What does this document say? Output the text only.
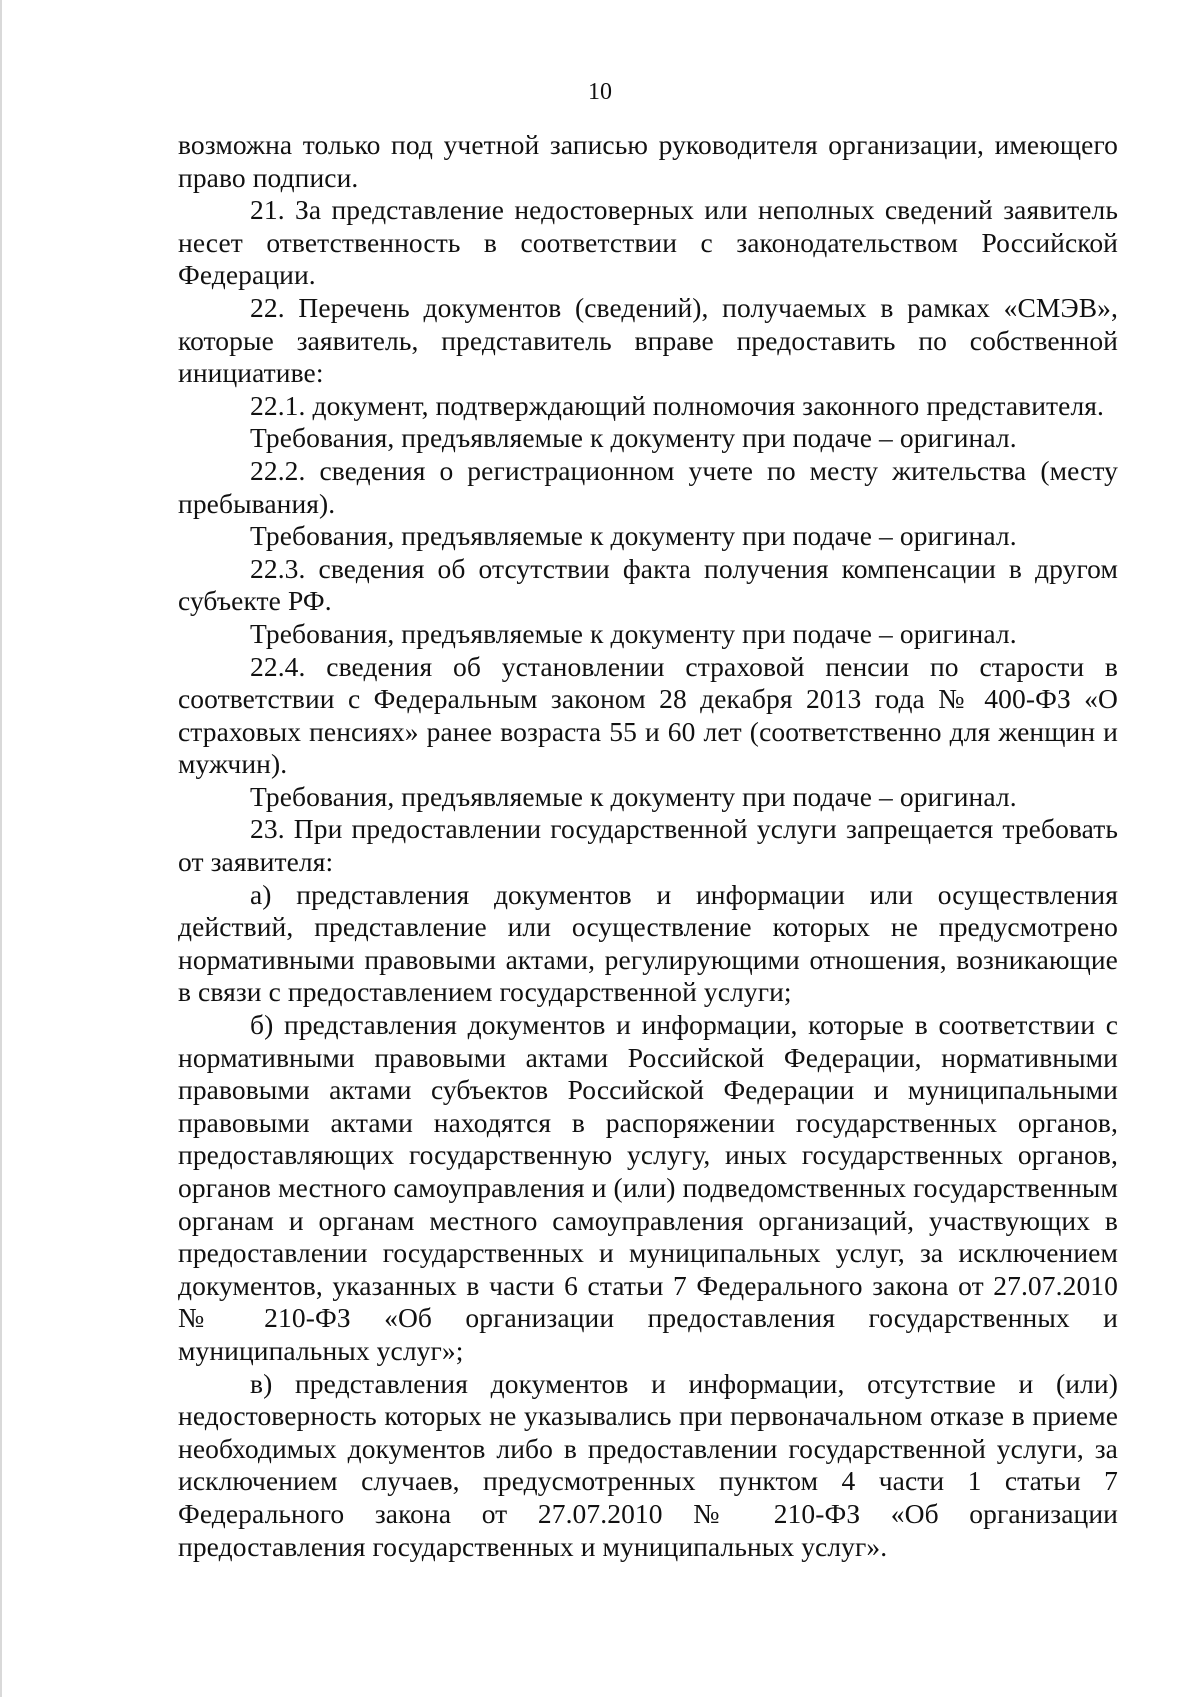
10

возможна только под учетной записью руководителя организации, имеющего право подписи.

21. За представление недостоверных или неполных сведений заявитель несет ответственность в соответствии с законодательством Российской Федерации.

22. Перечень документов (сведений), получаемых в рамках «СМЭВ», которые заявитель, представитель вправе предоставить по собственной инициативе:

22.1. документ, подтверждающий полномочия законного представителя.

Требования, предъявляемые к документу при подаче – оригинал.

22.2. сведения о регистрационном учете по месту жительства (месту пребывания).

Требования, предъявляемые к документу при подаче – оригинал.

22.3. сведения об отсутствии факта получения компенсации в другом субъекте РФ.

Требования, предъявляемые к документу при подаче – оригинал.

22.4. сведения об установлении страховой пенсии по старости в соответствии с Федеральным законом 28 декабря 2013 года № 400-ФЗ «О страховых пенсиях» ранее возраста 55 и 60 лет (соответственно для женщин и мужчин).

Требования, предъявляемые к документу при подаче – оригинал.

23. При предоставлении государственной услуги запрещается требовать от заявителя:

а) представления документов и информации или осуществления действий, представление или осуществление которых не предусмотрено нормативными правовыми актами, регулирующими отношения, возникающие в связи с предоставлением государственной услуги;

б) представления документов и информации, которые в соответствии с нормативными правовыми актами Российской Федерации, нормативными правовыми актами субъектов Российской Федерации и муниципальными правовыми актами находятся в распоряжении государственных органов, предоставляющих государственную услугу, иных государственных органов, органов местного самоуправления и (или) подведомственных государственным органам и органам местного самоуправления организаций, участвующих в предоставлении государственных и муниципальных услуг, за исключением документов, указанных в части 6 статьи 7 Федерального закона от 27.07.2010 № 210-ФЗ «Об организации предоставления государственных и муниципальных услуг»;

в) представления документов и информации, отсутствие и (или) недостоверность которых не указывались при первоначальном отказе в приеме необходимых документов либо в предоставлении государственной услуги, за исключением случаев, предусмотренных пунктом 4 части 1 статьи 7 Федерального закона от 27.07.2010 № 210-ФЗ «Об организации предоставления государственных и муниципальных услуг».
